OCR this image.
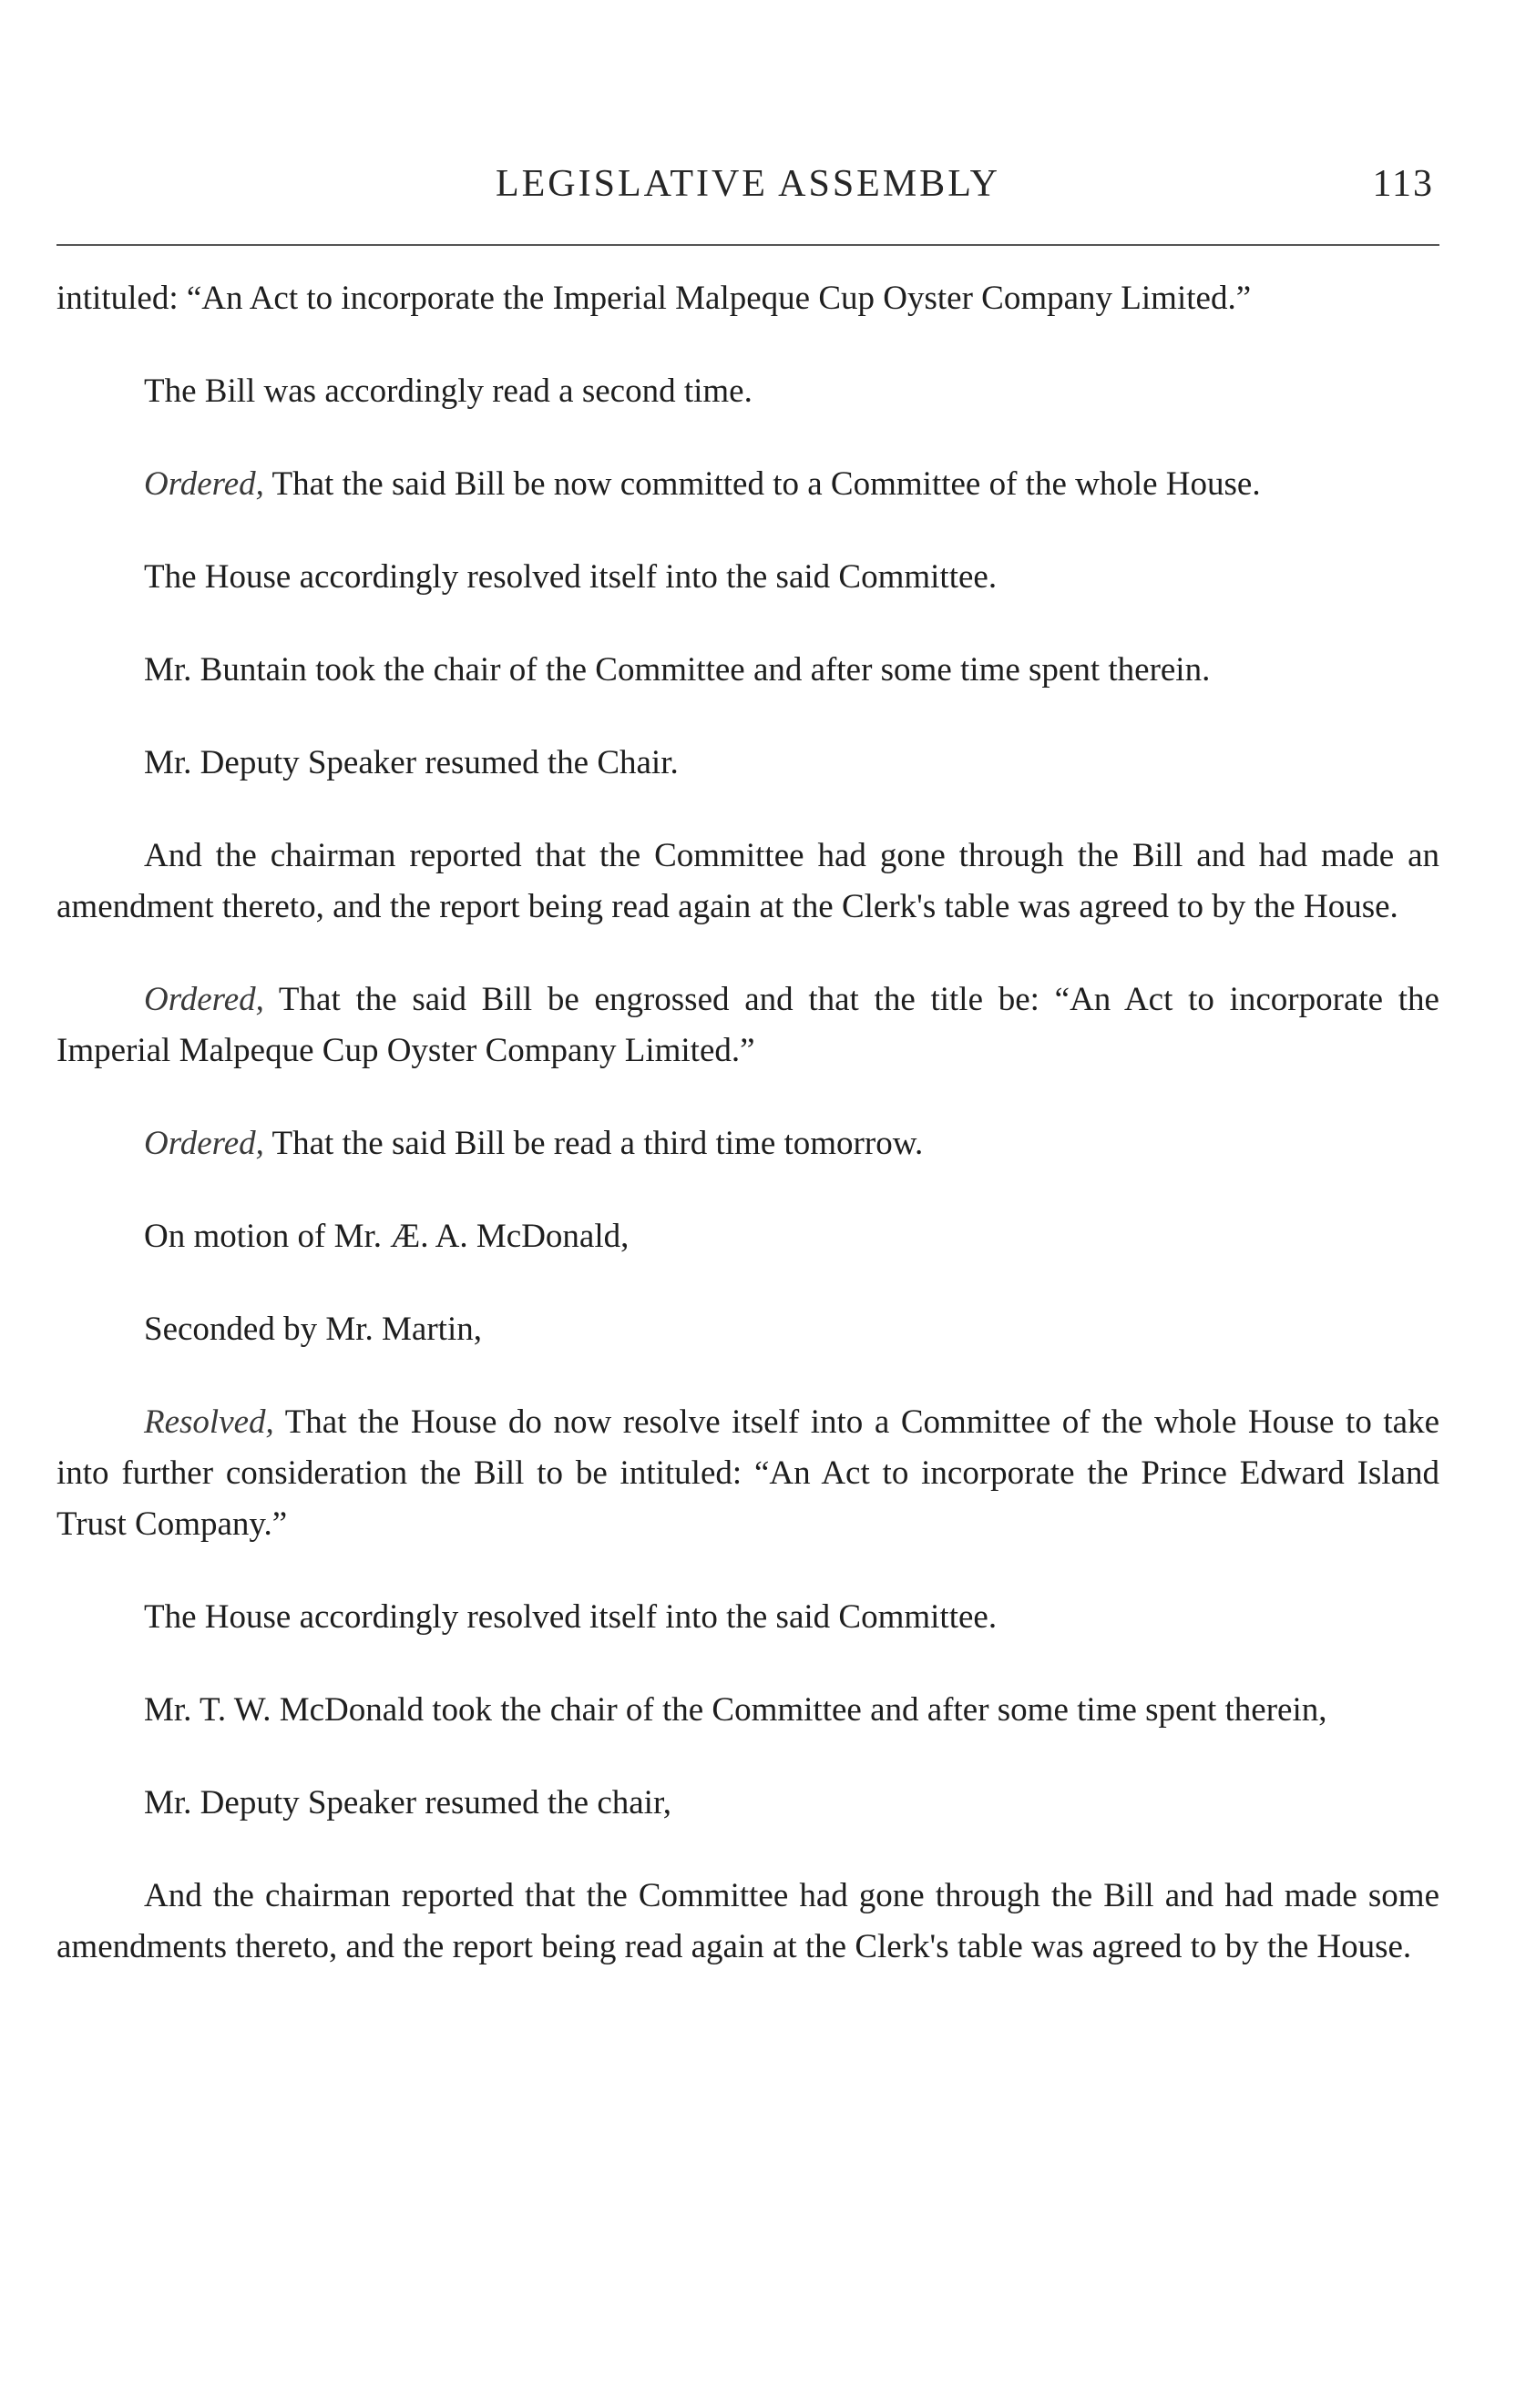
LEGISLATIVE ASSEMBLY	113

intituled: “An Act to incorporate the Imperial Malpeque Cup Oyster Company Limited.”

The Bill was accordingly read a second time.

Ordered, That the said Bill be now committed to a Committee of the whole House.

The House accordingly resolved itself into the said Committee.

Mr. Buntain took the chair of the Committee and after some time spent therein.

Mr. Deputy Speaker resumed the Chair.

And the chairman reported that the Committee had gone through the Bill and had made an amendment thereto, and the report being read again at the Clerk's table was agreed to by the House.

Ordered, That the said Bill be engrossed and that the title be: “An Act to incorporate the Imperial Malpeque Cup Oyster Company Limited.”

Ordered, That the said Bill be read a third time tomorrow.

On motion of Mr. Æ. A. McDonald,

Seconded by Mr. Martin,

Resolved, That the House do now resolve itself into a Committee of the whole House to take into further consideration the Bill to be intituled: “An Act to incorporate the Prince Edward Island Trust Company.”

The House accordingly resolved itself into the said Committee.

Mr. T. W. McDonald took the chair of the Committee and after some time spent therein,

Mr. Deputy Speaker resumed the chair,

And the chairman reported that the Committee had gone through the Bill and had made some amendments thereto, and the report being read again at the Clerk's table was agreed to by the House.
